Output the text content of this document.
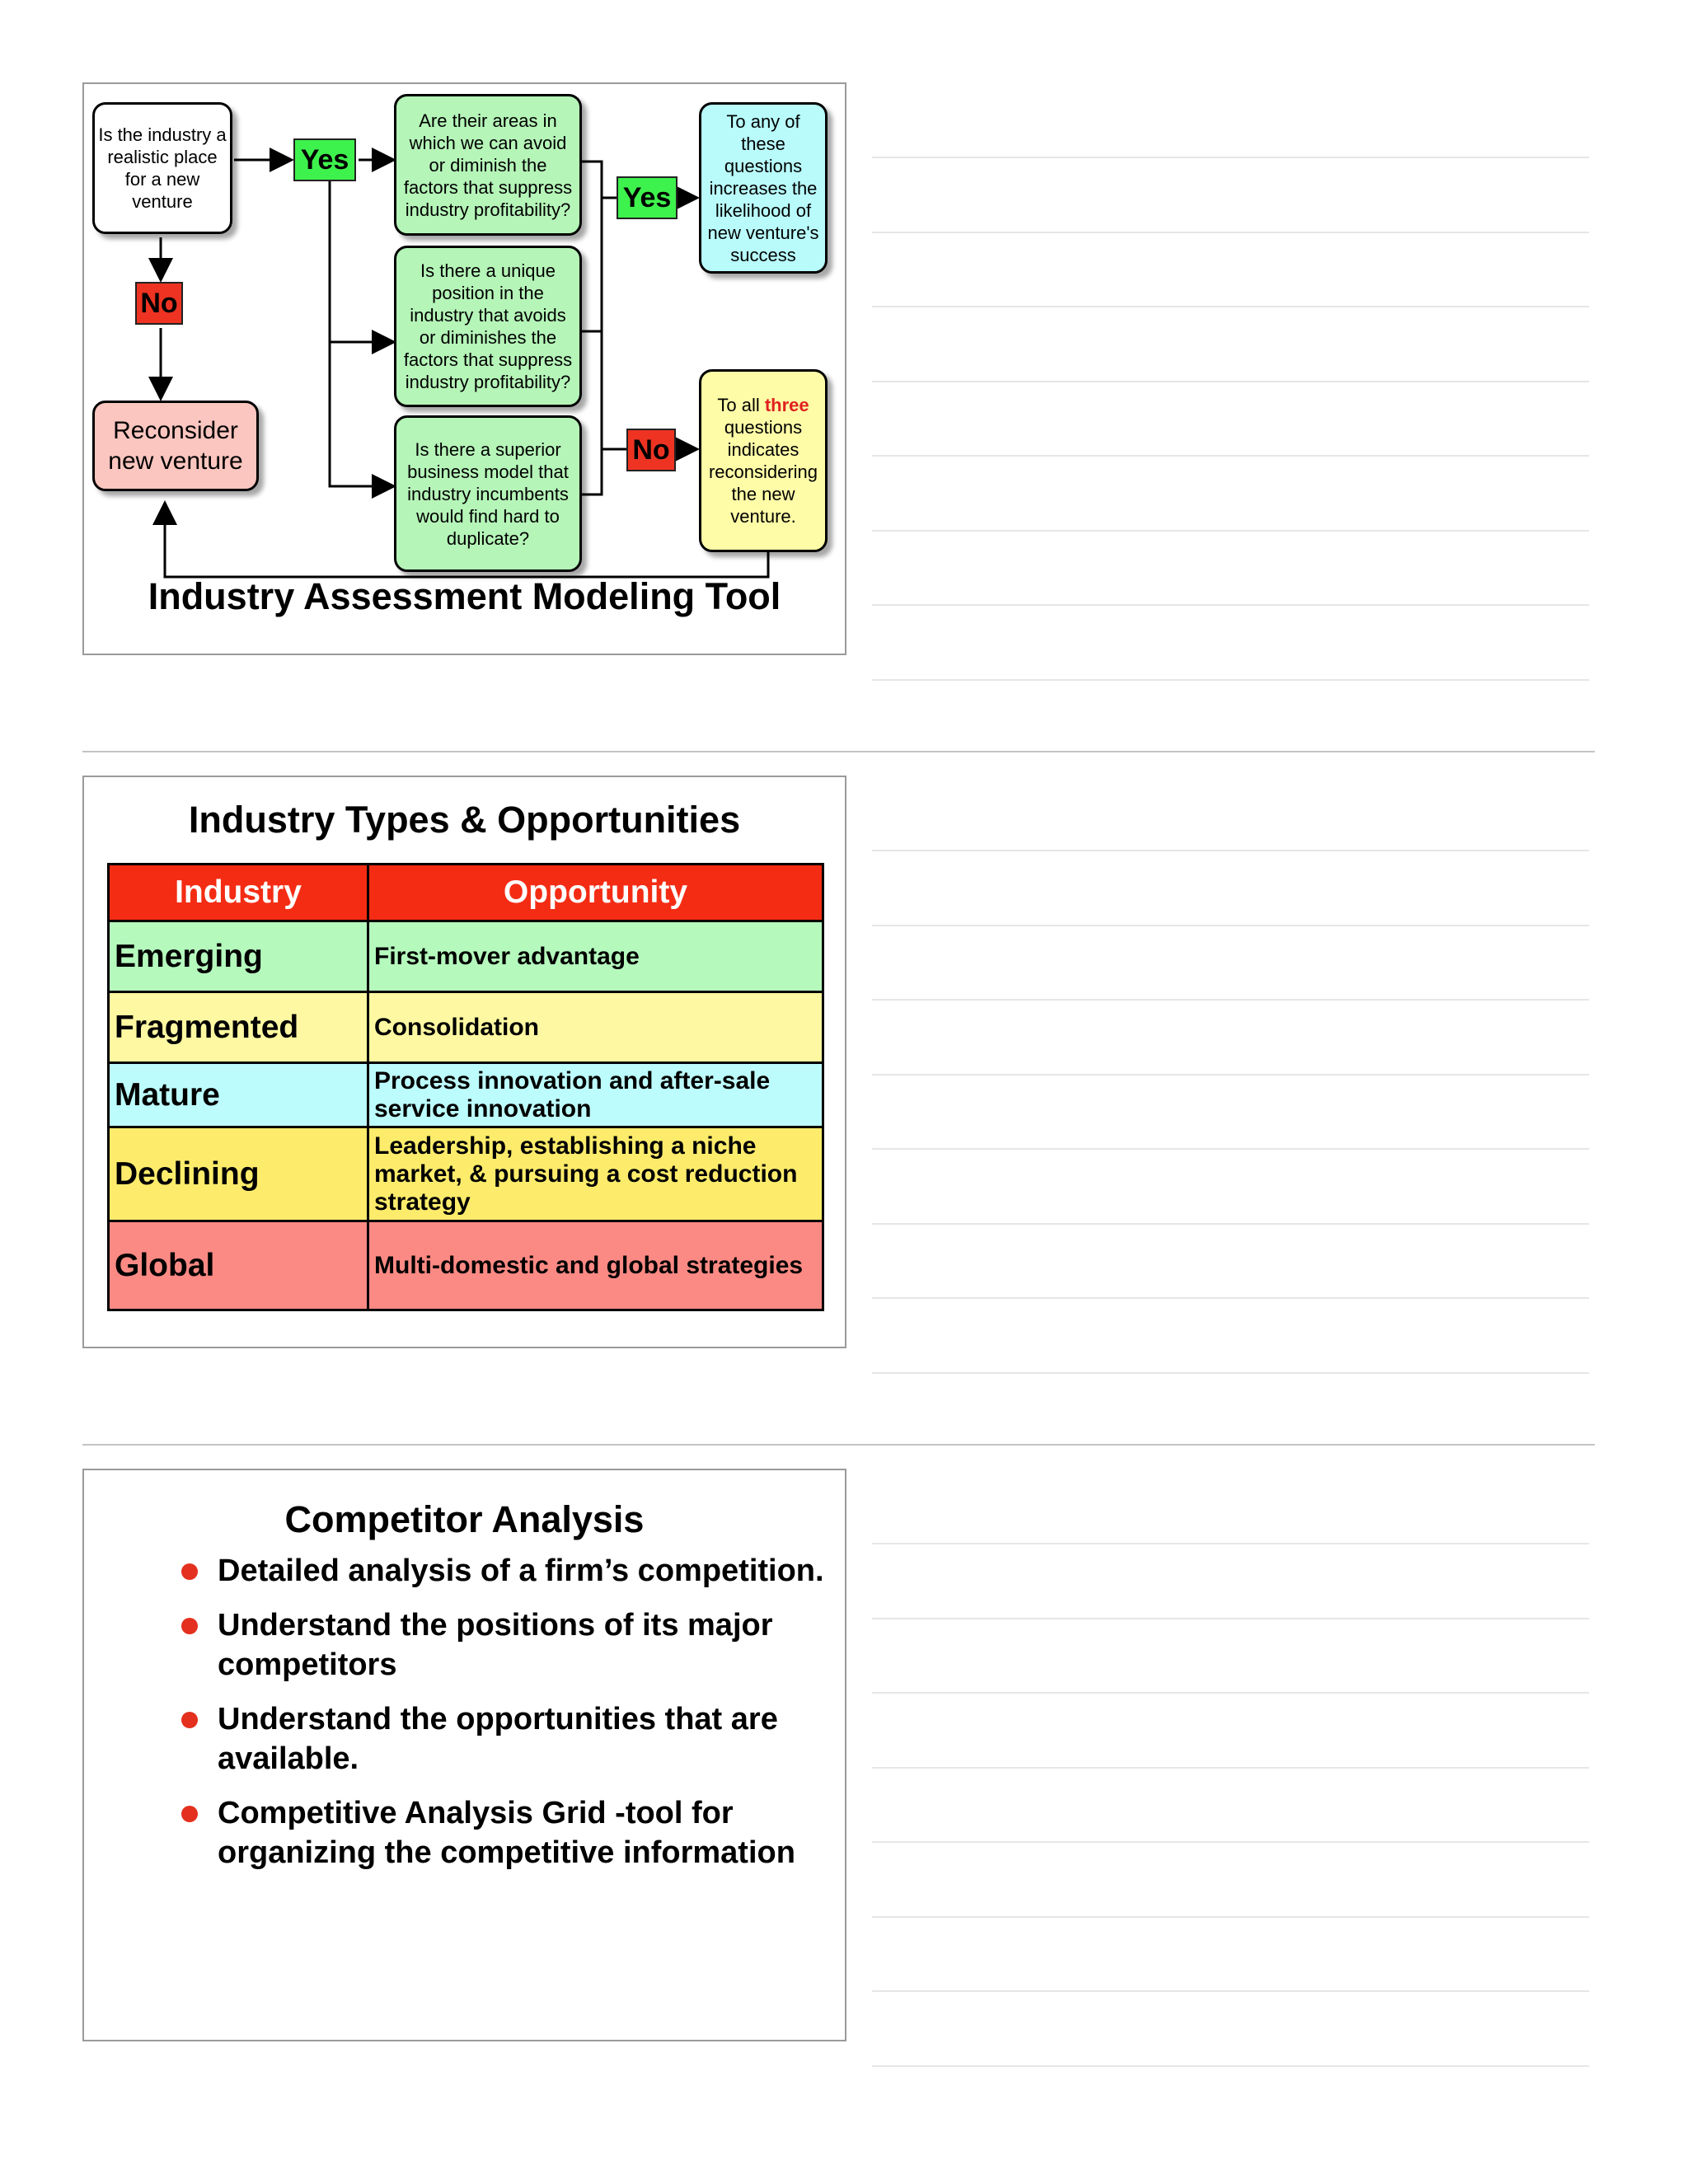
Is the industry a realistic place for a new venture
Yes
No
Reconsider new venture
Are their areas in which we can avoid or diminish the factors that suppress industry profitability?
Is there a unique position in the industry that avoids or diminishes the factors that suppress industry profitability?
Is there a superior business model that industry incumbents would find hard to duplicate?
Yes
No
To any of these questions increases the likelihood of new venture's success
To all three questions indicates reconsidering the new venture.
Industry Assessment Modeling Tool
Industry Types & Opportunities
Industry	Opportunity
Emerging	First-mover advantage
Fragmented	Consolidation
Mature	Process innovation and after-sale service innovation
Declining	Leadership, establishing a niche market, & pursuing a cost reduction strategy
Global	Multi-domestic and global strategies
Competitor Analysis
Detailed analysis of a firm’s competition.
Understand the positions of its major competitors
Understand the opportunities that are available.
Competitive Analysis Grid -tool for organizing the competitive information
